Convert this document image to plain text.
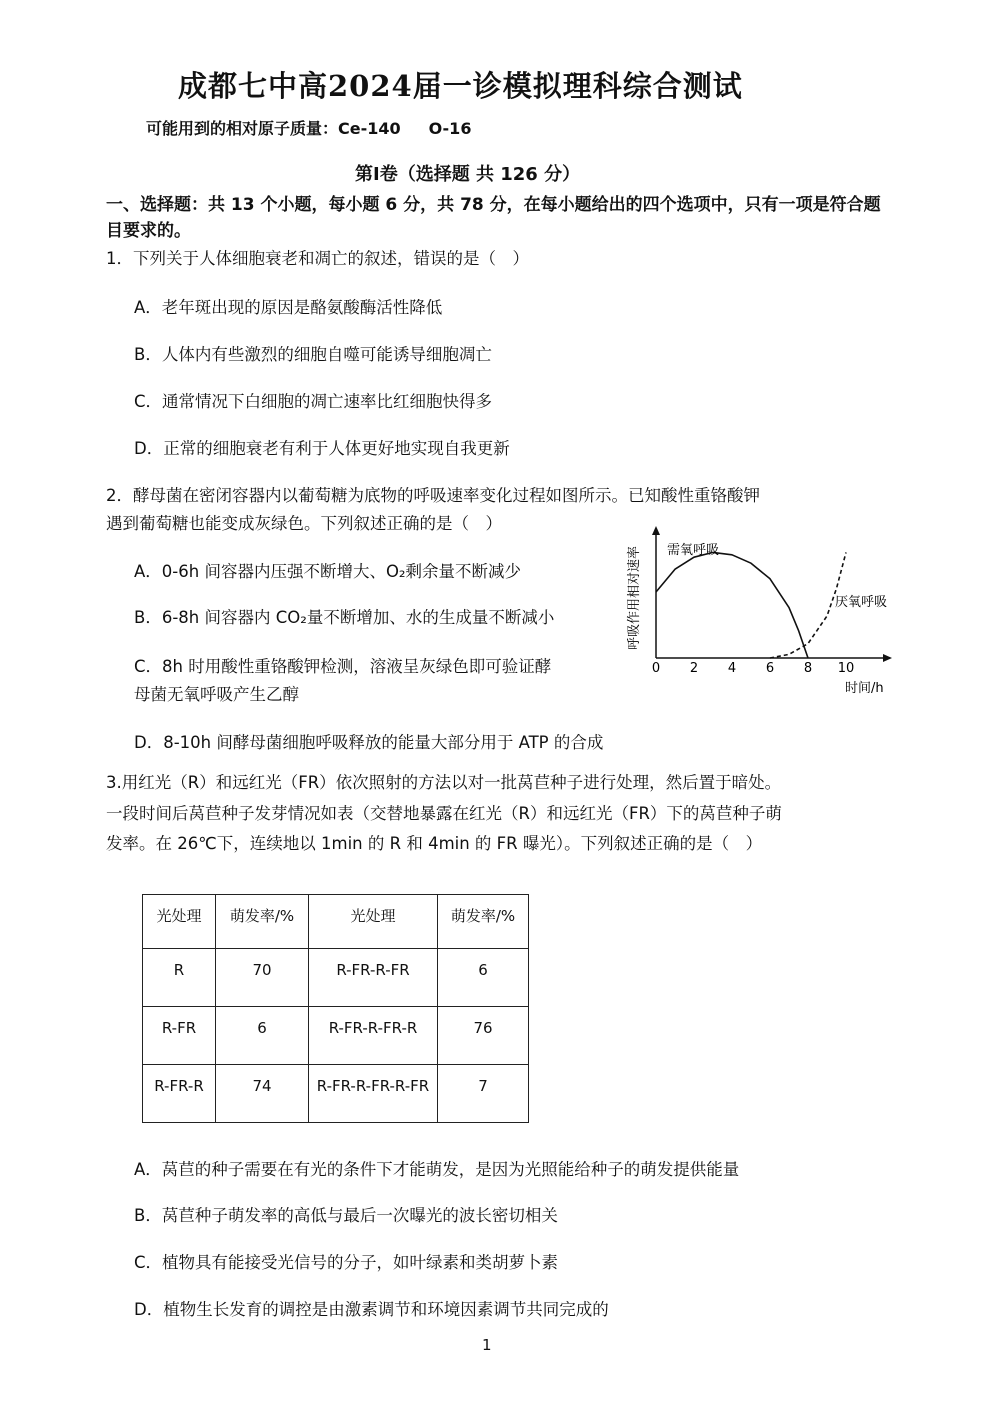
成都七中高2024届一诊模拟理科综合测试
可能用到的相对原子质量：Ce-140 O-16
第Ⅰ卷（选择题 共 126 分）
一、选择题：共 13 个小题，每小题 6 分，共 78 分，在每小题给出的四个选项中，只有一项是符合题目要求的。
1．下列关于人体细胞衰老和凋亡的叙述，错误的是（　）
A．老年斑出现的原因是酪氨酸酶活性降低
B．人体内有些激烈的细胞自噬可能诱导细胞凋亡
C．通常情况下白细胞的凋亡速率比红细胞快得多
D．正常的细胞衰老有利于人体更好地实现自我更新
2．酵母菌在密闭容器内以葡萄糖为底物的呼吸速率变化过程如图所示。已知酸性重铬酸钾
遇到葡萄糖也能变成灰绿色。下列叙述正确的是（　）
A．0-6h 间容器内压强不断增大、O₂剩余量不断减少
B．6-8h 间容器内 CO₂量不断增加、水的生成量不断减小
C．8h 时用酸性重铬酸钾检测，溶液呈灰绿色即可验证酵
母菌无氧呼吸产生乙醇
D．8-10h 间酵母菌细胞呼吸释放的能量大部分用于 ATP 的合成
呼吸作用相对速率
0 2 4 6 8 10
需氧呼吸
厌氧呼吸
时间/h
3.用红光（R）和远红光（FR）依次照射的方法以对一批莴苣种子进行处理，然后置于暗处。
一段时间后莴苣种子发芽情况如表（交替地暴露在红光（R）和远红光（FR）下的莴苣种子萌
发率。在 26℃下，连续地以 1min 的 R 和 4min 的 FR 曝光）。下列叙述正确的是（　）
光处理	萌发率/%	光处理	萌发率/%
R	70	R-FR-R-FR	6
R-FR	6	R-FR-R-FR-R	76
R-FR-R	74	R-FR-R-FR-R-FR	7
A．莴苣的种子需要在有光的条件下才能萌发，是因为光照能给种子的萌发提供能量
B．莴苣种子萌发率的高低与最后一次曝光的波长密切相关
C．植物具有能接受光信号的分子，如叶绿素和类胡萝卜素
D．植物生长发育的调控是由激素调节和环境因素调节共同完成的
1
